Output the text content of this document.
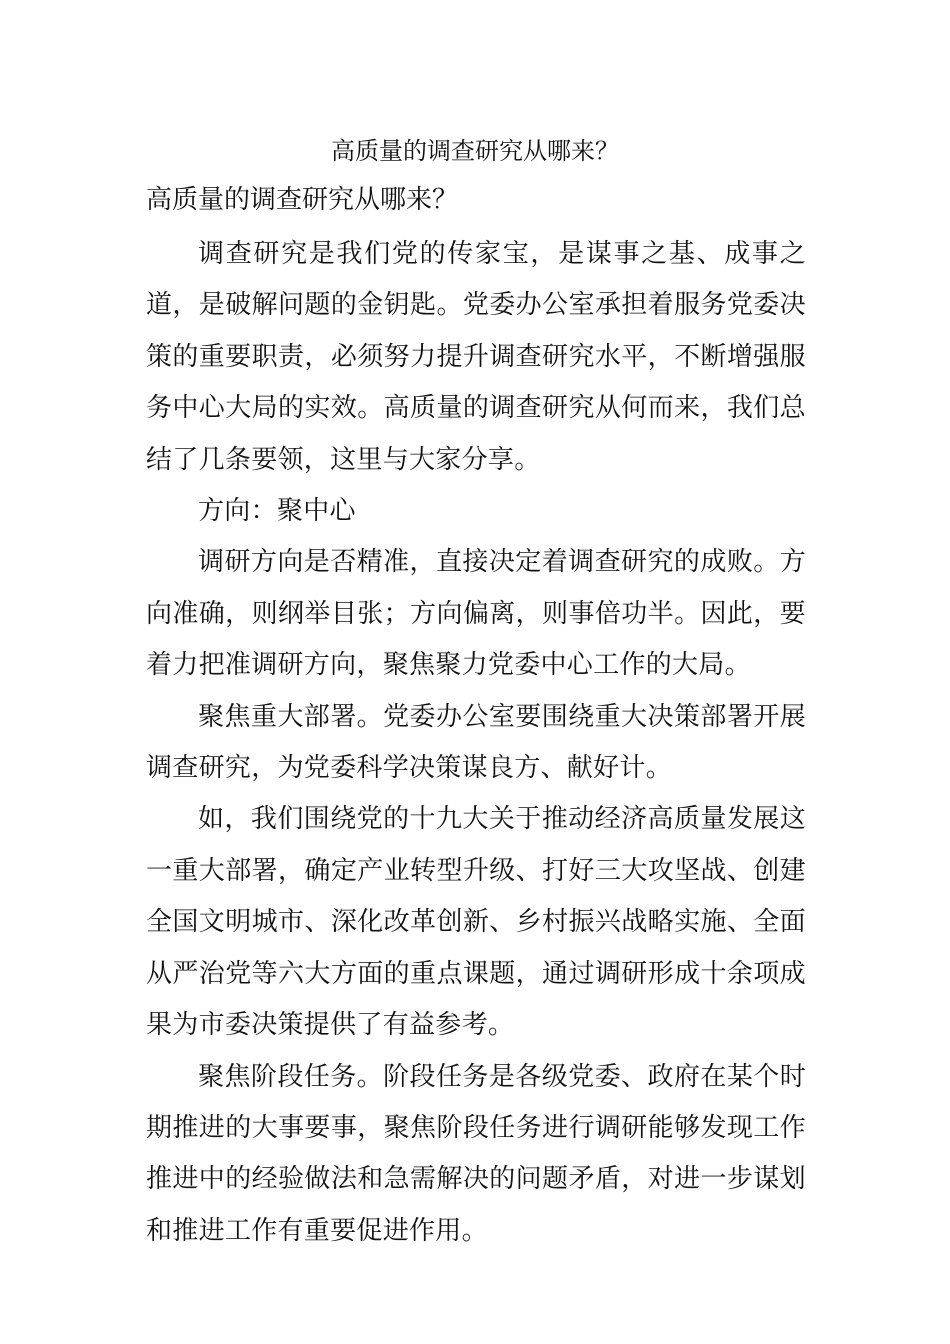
高质量的调查研究从哪来？
高质量的调查研究从哪来？

调查研究是我们党的传家宝，是谋事之基、成事之道，是破解问题的金钥匙。党委办公室承担着服务党委决策的重要职责，必须努力提升调查研究水平，不断增强服务中心大局的实效。高质量的调查研究从何而来，我们总结了几条要领，这里与大家分享。

方向：聚中心

调研方向是否精准，直接决定着调查研究的成败。方向准确，则纲举目张；方向偏离，则事倍功半。因此，要着力把准调研方向，聚焦聚力党委中心工作的大局。

聚焦重大部署。党委办公室要围绕重大决策部署开展调查研究，为党委科学决策谋良方、献好计。

如，我们围绕党的十九大关于推动经济高质量发展这一重大部署，确定产业转型升级、打好三大攻坚战、创建全国文明城市、深化改革创新、乡村振兴战略实施、全面从严治党等六大方面的重点课题，通过调研形成十余项成果为市委决策提供了有益参考。

聚焦阶段任务。阶段任务是各级党委、政府在某个时期推进的大事要事，聚焦阶段任务进行调研能够发现工作推进中的经验做法和急需解决的问题矛盾，对进一步谋划和推进工作有重要促进作用。
